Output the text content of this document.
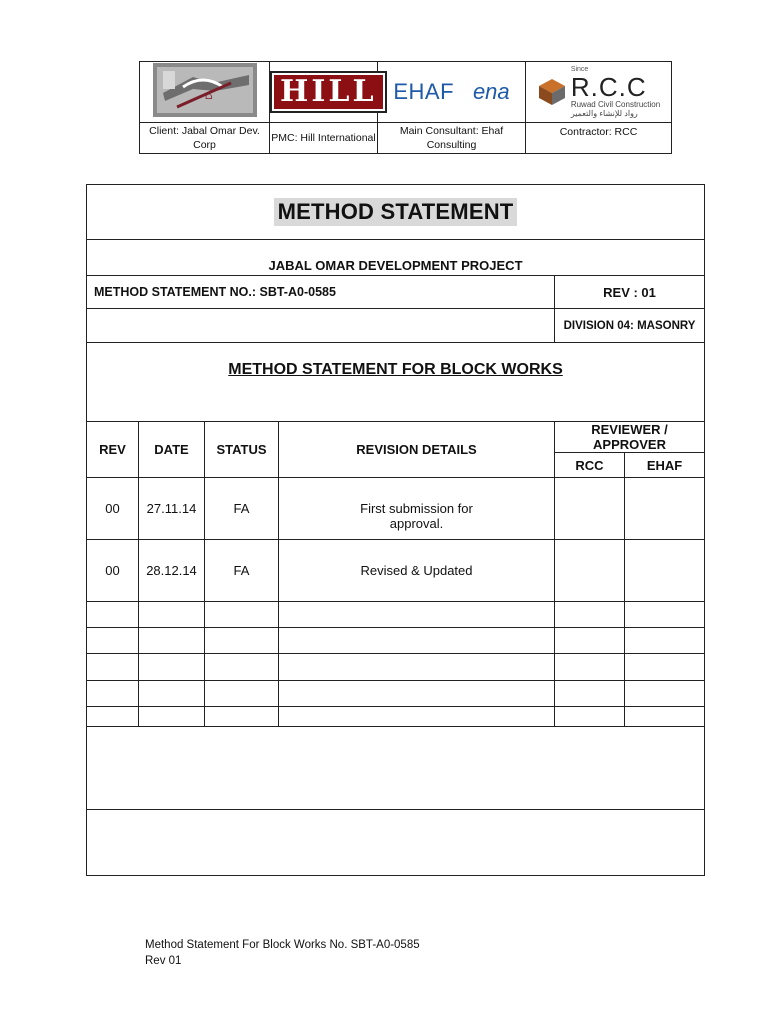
⌂	HILL	EHAF ena	Since
R.C.C
Ruwad Civil Construction
رواد للإنشاء والتعمير

Client: Jabal Omar Dev. Corp	PMC: Hill International	Main Consultant: Ehaf Consulting	Contractor: RCC
METHOD STATEMENT					
JABAL OMAR DEVELOPMENT PROJECT					
METHOD STATEMENT NO.: SBT-A0-0585				REV : 01	
				DIVISION 04: MASONRY	
METHOD STATEMENT FOR BLOCK WORKS					
REV	DATE	STATUS	REVISION DETAILS	REVIEWER / APPROVER	
				RCC	EHAF
00	27.11.14	FA	First submission for approval.		

00	28.12.14	FA	Revised & Updated		

Method Statement For Block Works No. SBT-A0-0585
Rev 01
